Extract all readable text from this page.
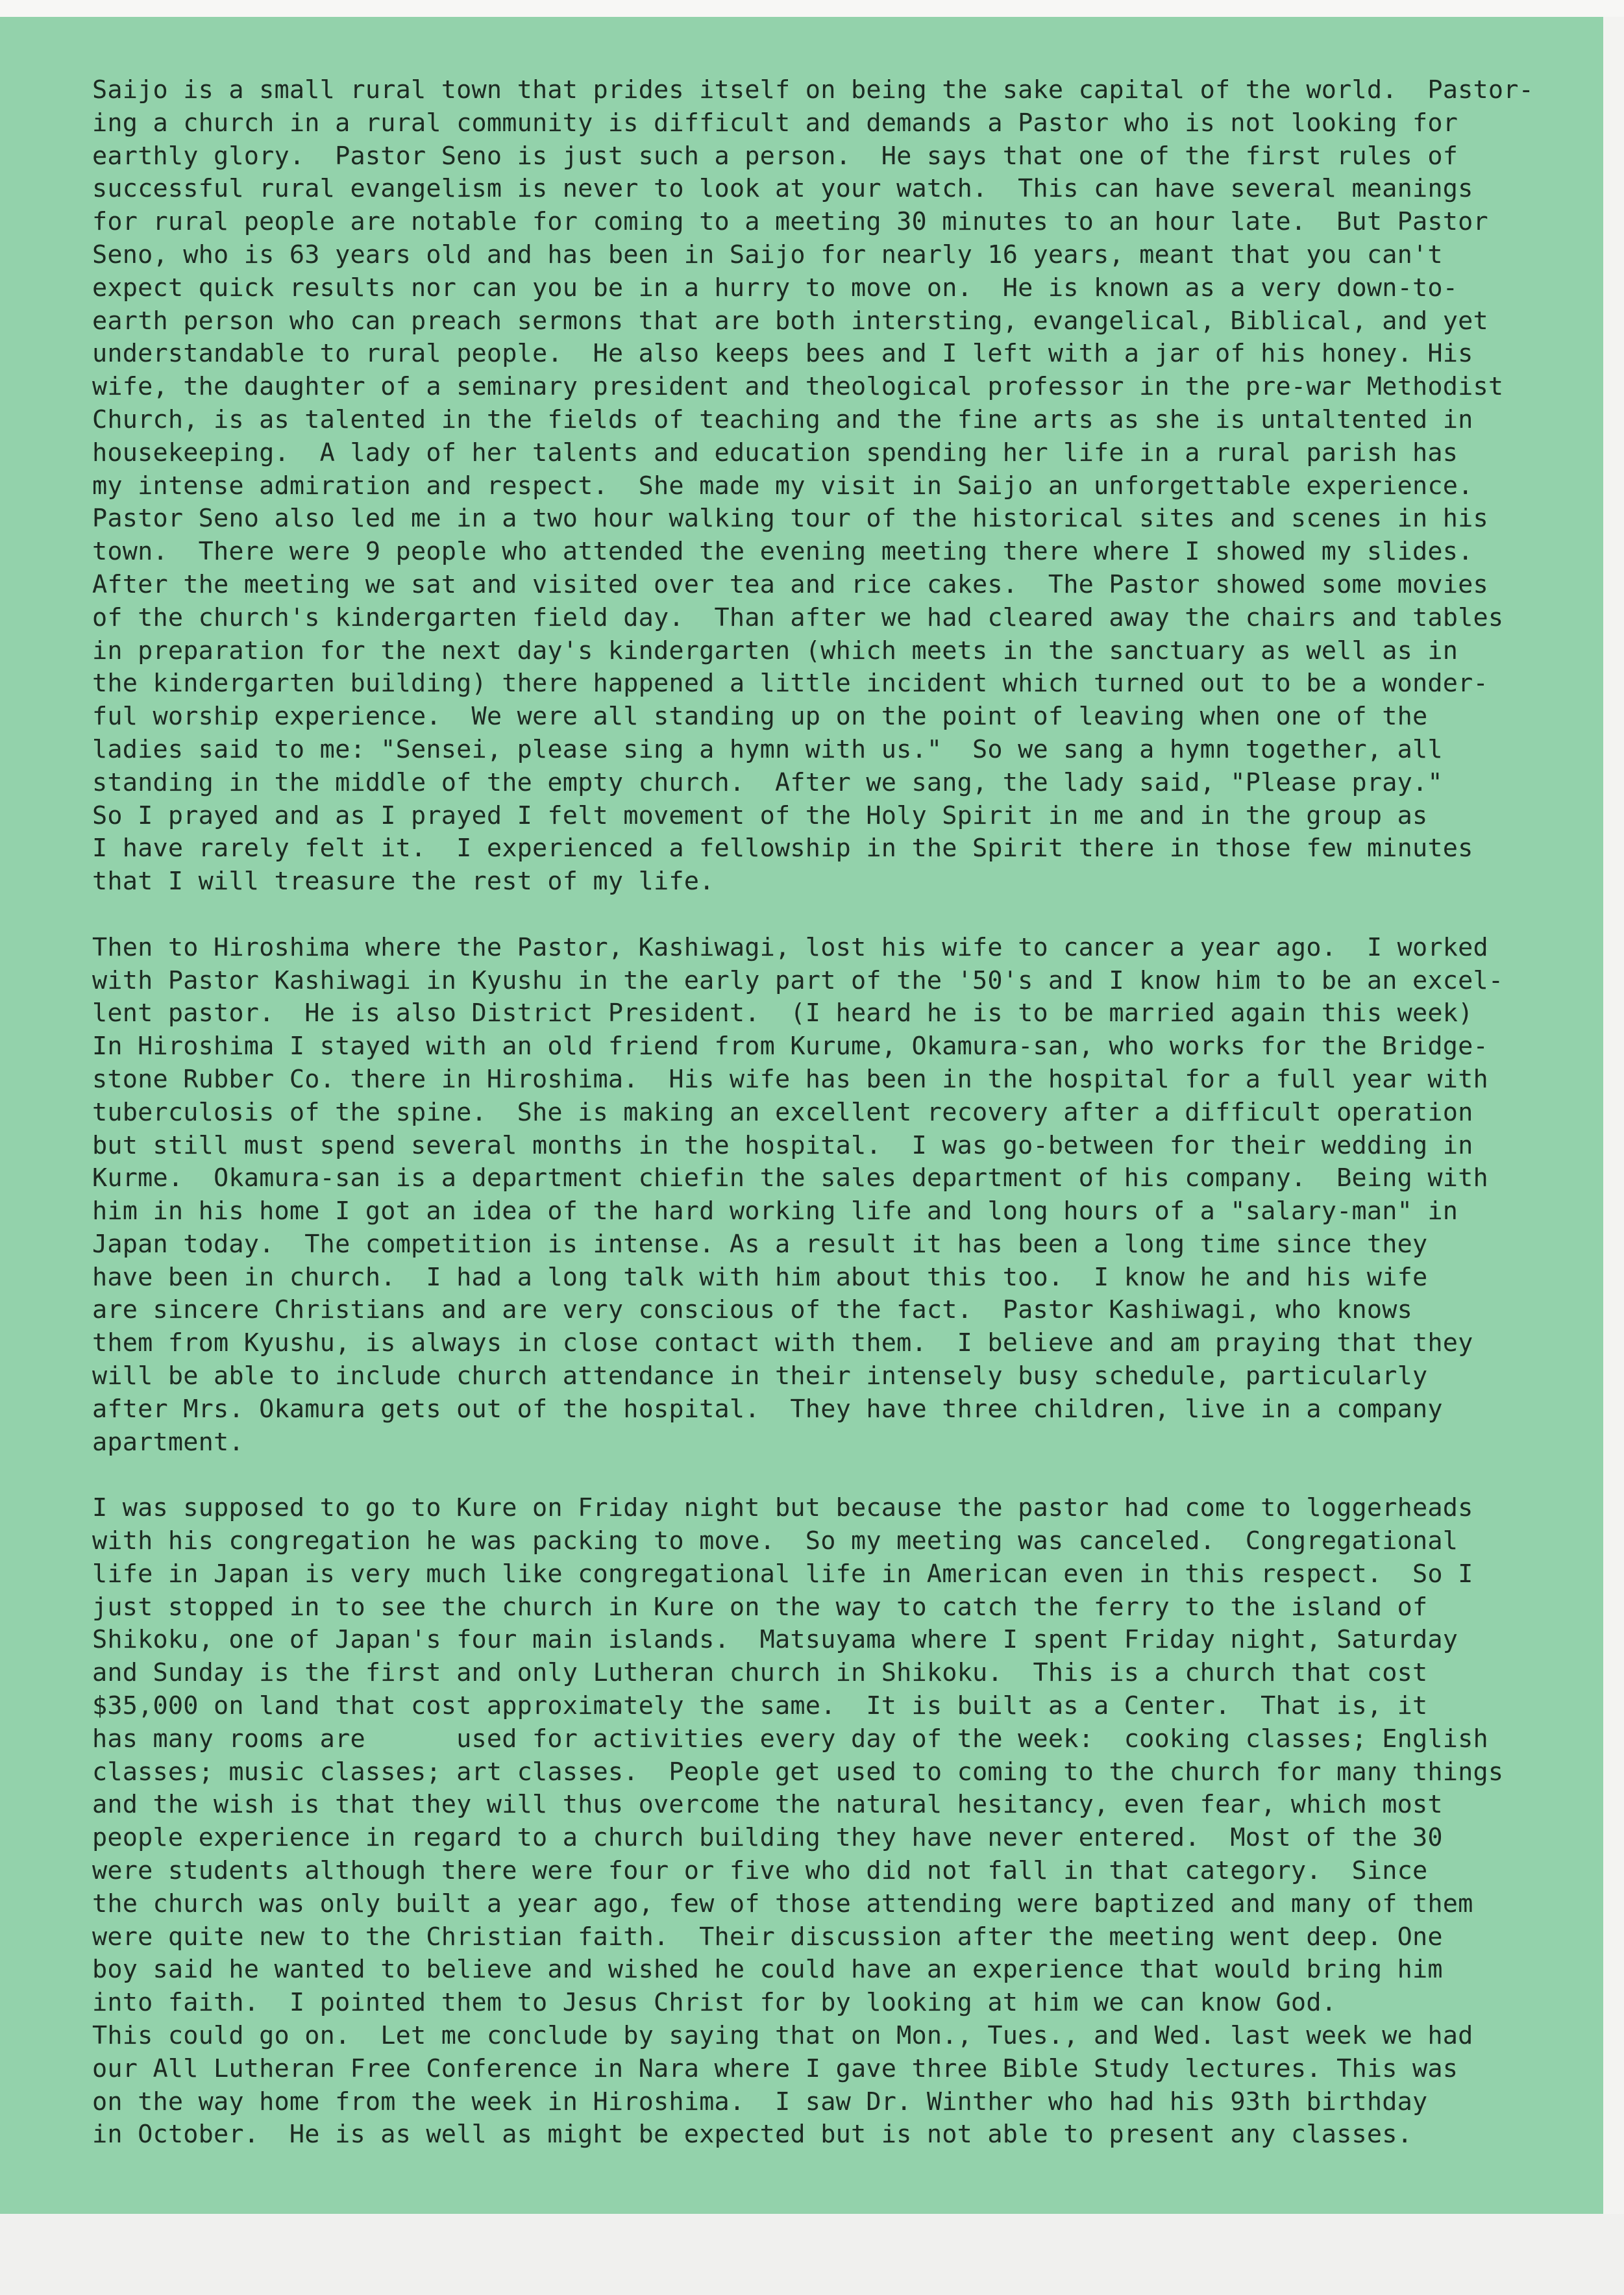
Saijo is a small rural town that prides itself on being the sake capital of the world.  Pastor-
ing a church in a rural community is difficult and demands a Pastor who is not looking for
earthly glory.  Pastor Seno is just such a person.  He says that one of the first rules of
successful rural evangelism is never to look at your watch.  This can have several meanings
for rural people are notable for coming to a meeting 30 minutes to an hour late.  But Pastor
Seno, who is 63 years old and has been in Saijo for nearly 16 years, meant that you can't
expect quick results nor can you be in a hurry to move on.  He is known as a very down-to-
earth person who can preach sermons that are both intersting, evangelical, Biblical, and yet
understandable to rural people.  He also keeps bees and I left with a jar of his honey. His
wife, the daughter of a seminary president and theological professor in the pre-war Methodist
Church, is as talented in the fields of teaching and the fine arts as she is untaltented in
housekeeping.  A lady of her talents and education spending her life in a rural parish has
my intense admiration and respect.  She made my visit in Saijo an unforgettable experience.
Pastor Seno also led me in a two hour walking tour of the historical sites and scenes in his
town.  There were 9 people who attended the evening meeting there where I showed my slides.
After the meeting we sat and visited over tea and rice cakes.  The Pastor showed some movies
of the church's kindergarten field day.  Than after we had cleared away the chairs and tables
in preparation for the next day's kindergarten (which meets in the sanctuary as well as in
the kindergarten building) there happened a little incident which turned out to be a wonder-
ful worship experience.  We were all standing up on the point of leaving when one of the
ladies said to me: "Sensei, please sing a hymn with us."  So we sang a hymn together, all
standing in the middle of the empty church.  After we sang, the lady said, "Please pray."
So I prayed and as I prayed I felt movement of the Holy Spirit in me and in the group as
I have rarely felt it.  I experienced a fellowship in the Spirit there in those few minutes
that I will treasure the rest of my life.
Then to Hiroshima where the Pastor, Kashiwagi, lost his wife to cancer a year ago.  I worked
with Pastor Kashiwagi in Kyushu in the early part of the '50's and I know him to be an excel-
lent pastor.  He is also District President.  (I heard he is to be married again this week)
In Hiroshima I stayed with an old friend from Kurume, Okamura-san, who works for the Bridge-
stone Rubber Co. there in Hiroshima.  His wife has been in the hospital for a full year with
tuberculosis of the spine.  She is making an excellent recovery after a difficult operation
but still must spend several months in the hospital.  I was go-between for their wedding in
Kurme.  Okamura-san is a department chiefin the sales department of his company.  Being with
him in his home I got an idea of the hard working life and long hours of a "salary-man" in
Japan today.  The competition is intense. As a result it has been a long time since they
have been in church.  I had a long talk with him about this too.  I know he and his wife
are sincere Christians and are very conscious of the fact.  Pastor Kashiwagi, who knows
them from Kyushu, is always in close contact with them.  I believe and am praying that they
will be able to include church attendance in their intensely busy schedule, particularly
after Mrs. Okamura gets out of the hospital.  They have three children, live in a company
apartment.
I was supposed to go to Kure on Friday night but because the pastor had come to loggerheads
with his congregation he was packing to move.  So my meeting was canceled.  Congregational
life in Japan is very much like congregational life in American even in this respect.  So I
just stopped in to see the church in Kure on the way to catch the ferry to the island of
Shikoku, one of Japan's four main islands.  Matsuyama where I spent Friday night, Saturday
and Sunday is the first and only Lutheran church in Shikoku.  This is a church that cost
$35,000 on land that cost approximately the same.  It is built as a Center.  That is, it
has many rooms are      used for activities every day of the week:  cooking classes; English
classes; music classes; art classes.  People get used to coming to the church for many things
and the wish is that they will thus overcome the natural hesitancy, even fear, which most
people experience in regard to a church building they have never entered.  Most of the 30
were students although there were four or five who did not fall in that category.  Since
the church was only built a year ago, few of those attending were baptized and many of them
were quite new to the Christian faith.  Their discussion after the meeting went deep. One
boy said he wanted to believe and wished he could have an experience that would bring him
into faith.  I pointed them to Jesus Christ for by looking at him we can know God.
This could go on.  Let me conclude by saying that on Mon., Tues., and Wed. last week we had
our All Lutheran Free Conference in Nara where I gave three Bible Study lectures. This was
on the way home from the week in Hiroshima.  I saw Dr. Winther who had his 93th birthday
in October.  He is as well as might be expected but is not able to present any classes.
